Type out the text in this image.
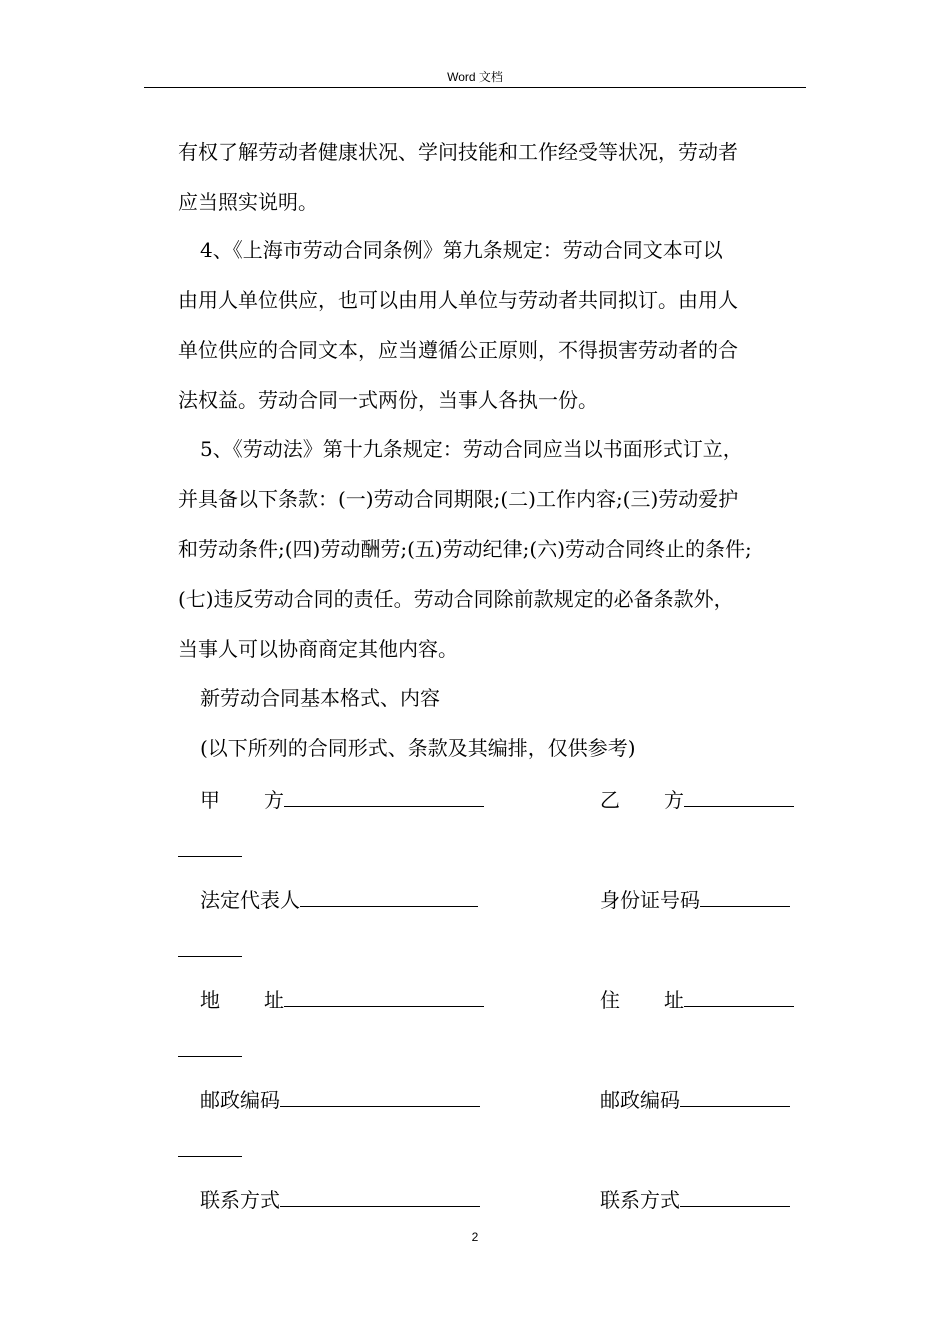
Word 文档
有权了解劳动者健康状况、学问技能和工作经受等状况，劳动者
应当照实说明。
4、《上海市劳动合同条例》第九条规定：劳动合同文本可以
由用人单位供应，也可以由用人单位与劳动者共同拟订。由用人
单位供应的合同文本，应当遵循公正原则，不得损害劳动者的合
法权益。劳动合同一式两份，当事人各执一份。
5、《劳动法》第十九条规定：劳动合同应当以书面形式订立，
并具备以下条款：(一)劳动合同期限;(二)工作内容;(三)劳动爱护
和劳动条件;(四)劳动酬劳;(五)劳动纪律;(六)劳动合同终止的条件;
(七)违反劳动合同的责任。劳动合同除前款规定的必备条款外，
当事人可以协商商定其他内容。
新劳动合同基本格式、内容
(以下所列的合同形式、条款及其编排，仅供参考)
甲 方	乙 方
法定代表人	身份证号码
地 址	住 址
邮政编码	邮政编码
联系方式	联系方式
2
